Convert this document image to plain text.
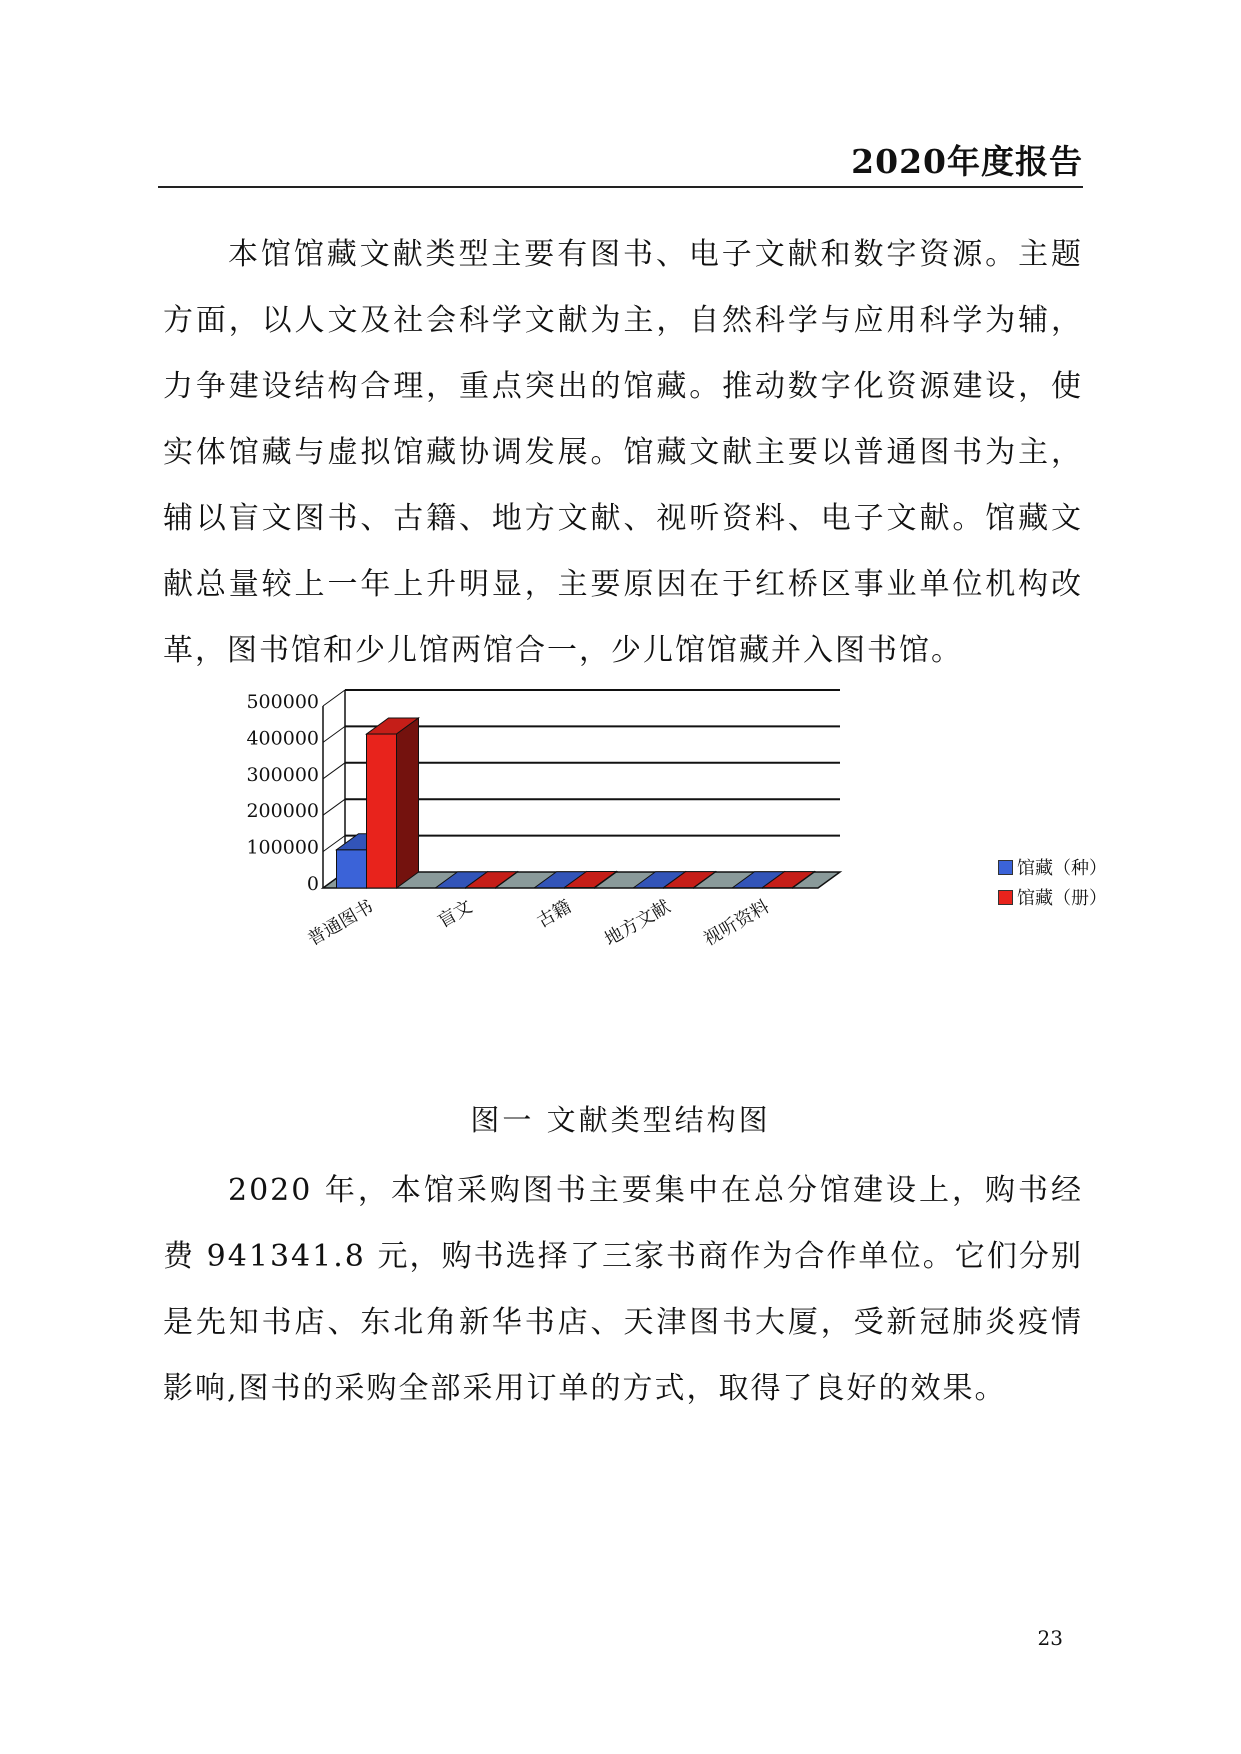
2020年度报告
本馆馆藏文献类型主要有图书、电子文献和数字资源。主题方面，以人文及社会科学文献为主，自然科学与应用科学为辅，力争建设结构合理，重点突出的馆藏。推动数字化资源建设，使实体馆藏与虚拟馆藏协调发展。馆藏文献主要以普通图书为主，辅以盲文图书、古籍、地方文献、视听资料、电子文献。馆藏文献总量较上一年上升明显，主要原因在于红桥区事业单位机构改革，图书馆和少儿馆两馆合一，少儿馆馆藏并入图书馆。
0
100000
200000
300000
400000
500000
普通图书	盲文	古籍 地方文献 视听资料
馆藏（种）
馆藏（册）
图一 文献类型结构图
2020 年，本馆采购图书主要集中在总分馆建设上，购书经费 941341.8 元，购书选择了三家书商作为合作单位。它们分别是先知书店、东北角新华书店、天津图书大厦，受新冠肺炎疫情影响,图书的采购全部采用订单的方式，取得了良好的效果。
23
